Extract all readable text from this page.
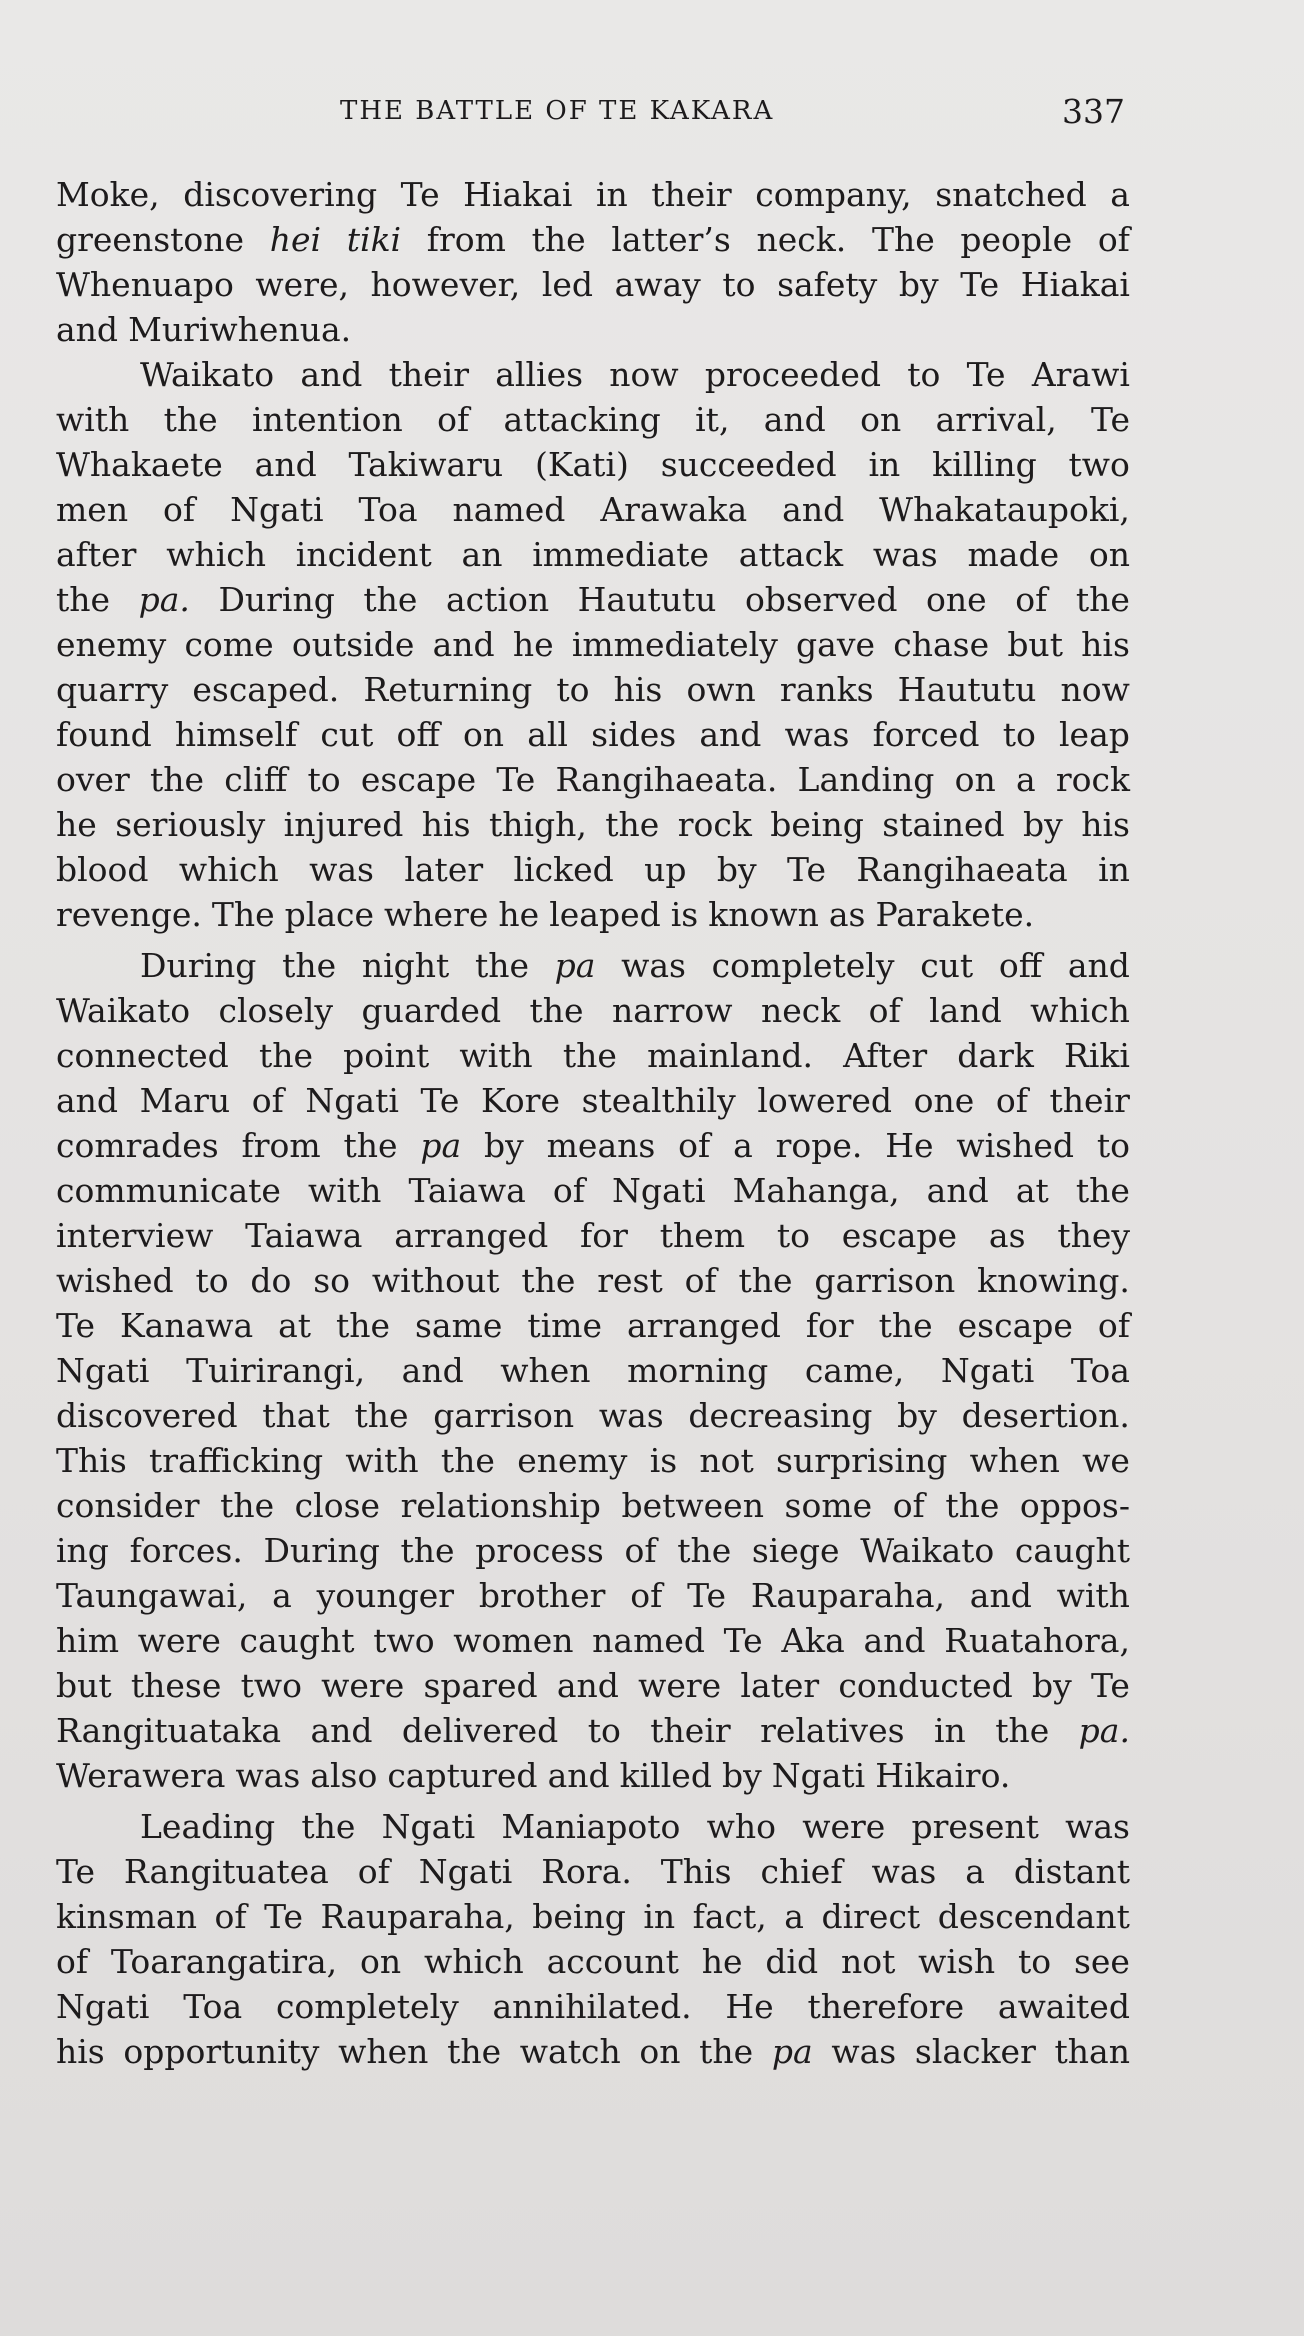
THE BATTLE OF TE KAKARA	337
Moke, discovering Te Hiakai in their company, snatched a
greenstone hei tiki from the latter’s neck. The people of
Whenuapo were, however, led away to safety by Te Hiakai
and Muriwhenua.
Waikato and their allies now proceeded to Te Arawi
with the intention of attacking it, and on arrival, Te
Whakaete and Takiwaru (Kati) succeeded in killing two
men of Ngati Toa named Arawaka and Whakataupoki,
after which incident an immediate attack was made on
the pa. During the action Haututu observed one of the
enemy come outside and he immediately gave chase but his
quarry escaped. Returning to his own ranks Haututu now
found himself cut off on all sides and was forced to leap
over the cliff to escape Te Rangihaeata. Landing on a rock
he seriously injured his thigh, the rock being stained by his
blood which was later licked up by Te Rangihaeata in
revenge. The place where he leaped is known as Parakete.
During the night the pa was completely cut off and
Waikato closely guarded the narrow neck of land which
connected the point with the mainland. After dark Riki
and Maru of Ngati Te Kore stealthily lowered one of their
comrades from the pa by means of a rope. He wished to
communicate with Taiawa of Ngati Mahanga, and at the
interview Taiawa arranged for them to escape as they
wished to do so without the rest of the garrison knowing.
Te Kanawa at the same time arranged for the escape of
Ngati Tuirirangi, and when morning came, Ngati Toa
discovered that the garrison was decreasing by desertion.
This trafficking with the enemy is not surprising when we
consider the close relationship between some of the oppos-
ing forces. During the process of the siege Waikato caught
Taungawai, a younger brother of Te Rauparaha, and with
him were caught two women named Te Aka and Ruatahora,
but these two were spared and were later conducted by Te
Rangituataka and delivered to their relatives in the pa.
Werawera was also captured and killed by Ngati Hikairo.
Leading the Ngati Maniapoto who were present was
Te Rangituatea of Ngati Rora. This chief was a distant
kinsman of Te Rauparaha, being in fact, a direct descendant
of Toarangatira, on which account he did not wish to see
Ngati Toa completely annihilated. He therefore awaited
his opportunity when the watch on the pa was slacker than
